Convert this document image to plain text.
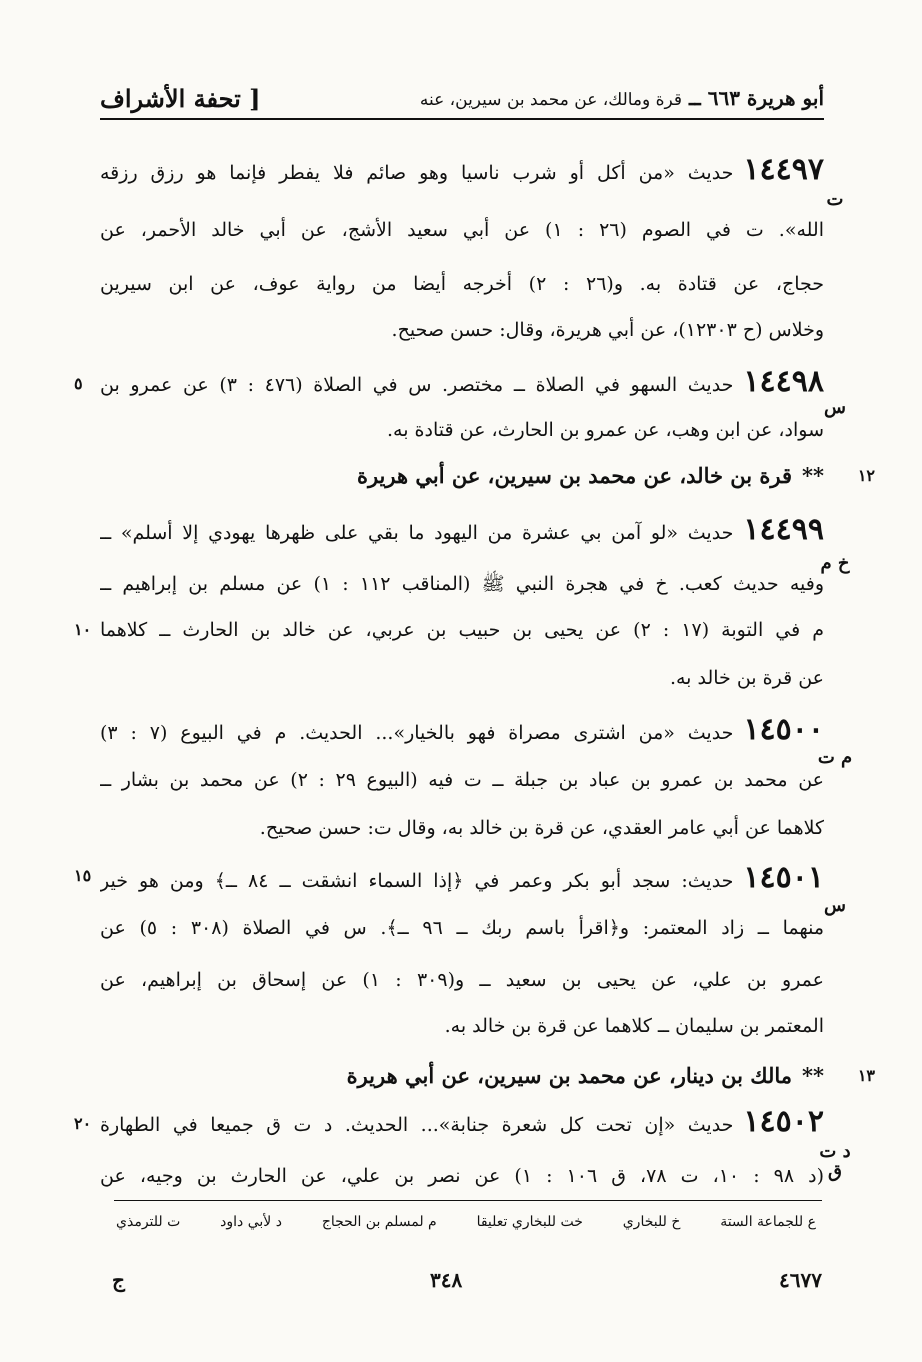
أبو هريرة ٦٦٣ ــ قرة ومالك، عن محمد بن سيرين، عنه
[ تحفة الأشراف
١٤٤٩٧حديث «من أكل أو شرب ناسيا وهو صائم فلا يفطر فإنما هو رزق رزقه
ت
الله». ت في الصوم (٢٦ : ١) عن أبي سعيد الأشج، عن أبي خالد الأحمر، عن
حجاج، عن قتادة به. و(٢٦ : ٢) أخرجه أيضا من رواية عوف، عن ابن سيرين
وخلاس (ح ١٢٣٠٣)، عن أبي هريرة، وقال: حسن صحيح.
١٤٤٩٨حديث السهو في الصلاة ــ مختصر. س في الصلاة (٤٧٦ : ٣) عن عمرو بن
٥
س
سواد، عن ابن وهب، عن عمرو بن الحارث، عن قتادة به.
١٢
**قرة بن خالد، عن محمد بن سيرين، عن أبي هريرة
١٤٤٩٩حديث «لو آمن بي عشرة من اليهود ما بقي على ظهرها يهودي إلا أسلم» ــ
خ م
وفيه حديث كعب. خ في هجرة النبي ﷺ (المناقب ١١٢ : ١) عن مسلم بن إبراهيم ــ
م في التوبة (١٧ : ٢) عن يحيى بن حبيب بن عربي، عن خالد بن الحارث ــ كلاهما
١٠
عن قرة بن خالد به.
١٤٥٠٠حديث «من اشترى مصراة فهو بالخيار»... الحديث. م في البيوع (٧ : ٣)
م ت
عن محمد بن عمرو بن عباد بن جبلة ــ ت فيه (البيوع ٢٩ : ٢) عن محمد بن بشار ــ
كلاهما عن أبي عامر العقدي، عن قرة بن خالد به، وقال ت: حسن صحيح.
١٤٥٠١حديث: سجد أبو بكر وعمر في ﴿إذا السماء انشقت ــ ٨٤ ــ﴾ ومن هو خير
١٥
س
منهما ــ زاد المعتمر: و﴿اقرأ باسم ربك ــ ٩٦ ــ﴾. س في الصلاة (٣٠٨ : ٥) عن
عمرو بن علي، عن يحيى بن سعيد ــ و(٣٠٩ : ١) عن إسحاق بن إبراهيم، عن
المعتمر بن سليمان ــ كلاهما عن قرة بن خالد به.
١٣
**مالك بن دينار، عن محمد بن سيرين، عن أبي هريرة
١٤٥٠٢حديث «إن تحت كل شعرة جنابة»... الحديث. د ت ق جميعا في الطهارة
٢٠
د ت ق
(د ٩٨ : ١٠، ت ٧٨، ق ١٠٦ : ١) عن نصر بن علي، عن الحارث بن وجيه، عن
ع للجماعة الستة
خ للبخاري
خت للبخاري تعليقا
م لمسلم بن الحجاج
د لأبي داود
ت للترمذي
٤٦٧٧
٣٤٨
ج
